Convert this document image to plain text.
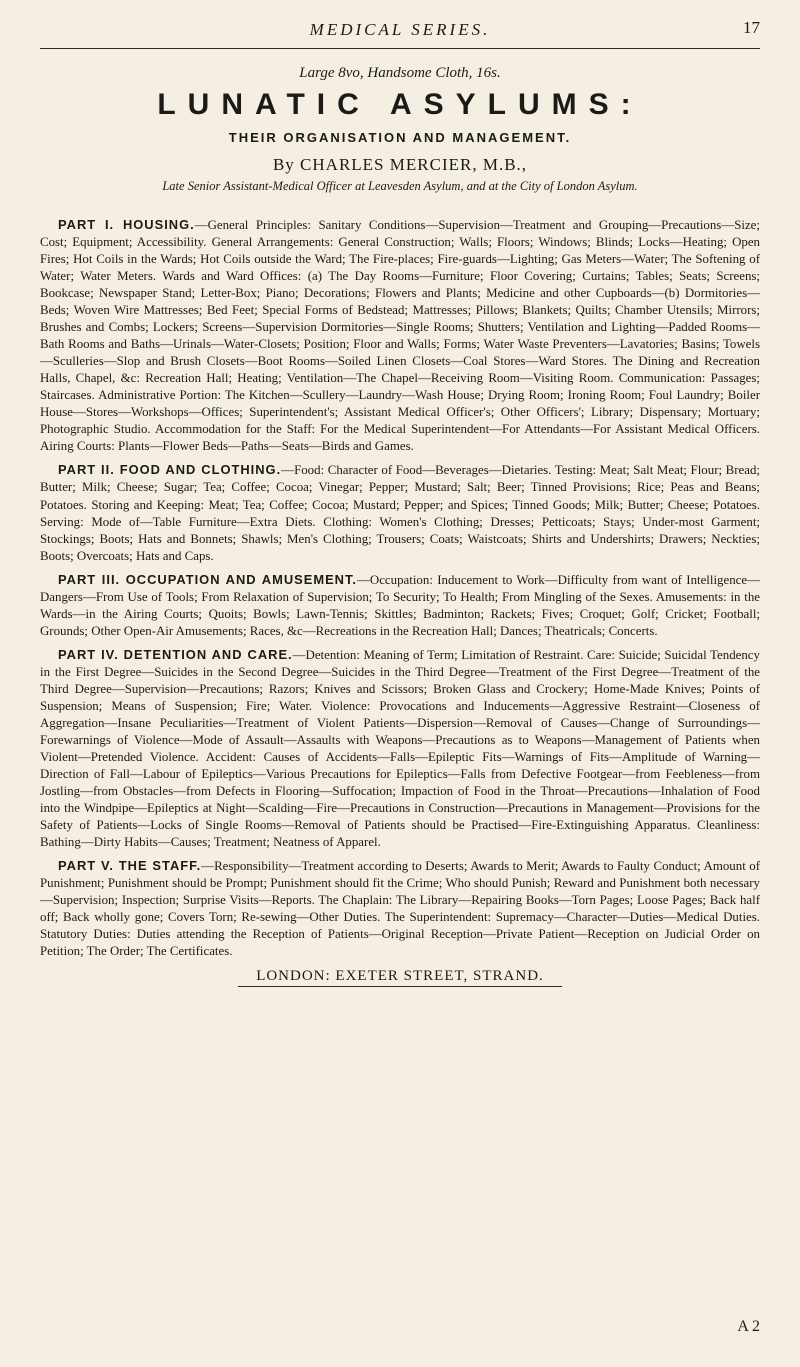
MEDICAL SERIES.	17
Large 8vo, Handsome Cloth, 16s.
LUNATIC ASYLUMS:
THEIR ORGANISATION AND MANAGEMENT.
By CHARLES MERCIER, M.B.,
Late Senior Assistant-Medical Officer at Leavesden Asylum, and at the City of London Asylum.

PART I. HOUSING.—General Principles: Sanitary Conditions—Supervision—Treatment and Grouping—Precautions—Size; Cost; Equipment; Accessibility. General Arrangements: General Construction; Walls; Floors; Windows; Blinds; Locks—Heating; Open Fires; Hot Coils in the Wards; Hot Coils outside the Ward; The Fire-places; Fire-guards—Lighting; Gas Meters—Water; The Softening of Water; Water Meters. Wards and Ward Offices: (a) The Day Rooms—Furniture; Floor Covering; Curtains; Tables; Seats; Screens; Bookcase; Newspaper Stand; Letter-Box; Piano; Decorations; Flowers and Plants; Medicine and other Cupboards—(b) Dormitories—Beds; Woven Wire Mattresses; Bed Feet; Special Forms of Bedstead; Mattresses; Pillows; Blankets; Quilts; Chamber Utensils; Mirrors; Brushes and Combs; Lockers; Screens—Supervision Dormitories—Single Rooms; Shutters; Ventilation and Lighting—Padded Rooms—Bath Rooms and Baths—Urinals—Water-Closets; Position; Floor and Walls; Forms; Water Waste Preventers—Lavatories; Basins; Towels—Sculleries—Slop and Brush Closets—Boot Rooms—Soiled Linen Closets—Coal Stores—Ward Stores. The Dining and Recreation Halls, Chapel, &c: Recreation Hall; Heating; Ventilation—The Chapel—Receiving Room—Visiting Room. Communication: Passages; Staircases. Administrative Portion: The Kitchen—Scullery—Laundry—Wash House; Drying Room; Ironing Room; Foul Laundry; Boiler House—Stores—Workshops—Offices; Superintendent's; Assistant Medical Officer's; Other Officers'; Library; Dispensary; Mortuary; Photographic Studio. Accommodation for the Staff: For the Medical Superintendent—For Attendants—For Assistant Medical Officers. Airing Courts: Plants—Flower Beds—Paths—Seats—Birds and Games.

PART II. FOOD AND CLOTHING.—Food: Character of Food—Beverages—Dietaries. Testing: Meat; Salt Meat; Flour; Bread; Butter; Milk; Cheese; Sugar; Tea; Coffee; Cocoa; Vinegar; Pepper; Mustard; Salt; Beer; Tinned Provisions; Rice; Peas and Beans; Potatoes. Storing and Keeping: Meat; Tea; Coffee; Cocoa; Mustard; Pepper; and Spices; Tinned Goods; Milk; Butter; Cheese; Potatoes. Serving: Mode of—Table Furniture—Extra Diets. Clothing: Women's Clothing; Dresses; Petticoats; Stays; Under-most Garment; Stockings; Boots; Hats and Bonnets; Shawls; Men's Clothing; Trousers; Coats; Waistcoats; Shirts and Undershirts; Drawers; Neckties; Boots; Overcoats; Hats and Caps.

PART III. OCCUPATION AND AMUSEMENT.—Occupation: Inducement to Work—Difficulty from want of Intelligence—Dangers—From Use of Tools; From Relaxation of Supervision; To Security; To Health; From Mingling of the Sexes. Amusements: in the Wards—in the Airing Courts; Quoits; Bowls; Lawn-Tennis; Skittles; Badminton; Rackets; Fives; Croquet; Golf; Cricket; Football; Grounds; Other Open-Air Amusements; Races, &c—Recreations in the Recreation Hall; Dances; Theatricals; Concerts.

PART IV. DETENTION AND CARE.—Detention: Meaning of Term; Limitation of Restraint. Care: Suicide; Suicidal Tendency in the First Degree—Suicides in the Second Degree—Suicides in the Third Degree—Treatment of the First Degree—Treatment of the Third Degree—Supervision—Precautions; Razors; Knives and Scissors; Broken Glass and Crockery; Home-Made Knives; Points of Suspension; Means of Suspension; Fire; Water. Violence: Provocations and Inducements—Aggressive Restraint—Closeness of Aggregation—Insane Peculiarities—Treatment of Violent Patients—Dispersion—Removal of Causes—Change of Surroundings—Forewarnings of Violence—Mode of Assault—Assaults with Weapons—Precautions as to Weapons—Management of Patients when Violent—Pretended Violence. Accident: Causes of Accidents—Falls—Epileptic Fits—Warnings of Fits—Amplitude of Warning—Direction of Fall—Labour of Epileptics—Various Precautions for Epileptics—Falls from Defective Footgear—from Feebleness—from Jostling—from Obstacles—from Defects in Flooring—Suffocation; Impaction of Food in the Throat—Precautions—Inhalation of Food into the Windpipe—Epileptics at Night—Scalding—Fire—Precautions in Construction—Precautions in Management—Provisions for the Safety of Patients—Locks of Single Rooms—Removal of Patients should be Practised—Fire-Extinguishing Apparatus. Cleanliness: Bathing—Dirty Habits—Causes; Treatment; Neatness of Apparel.

PART V. THE STAFF.—Responsibility—Treatment according to Deserts; Awards to Merit; Awards to Faulty Conduct; Amount of Punishment; Punishment should be Prompt; Punishment should fit the Crime; Who should Punish; Reward and Punishment both necessary—Supervision; Inspection; Surprise Visits—Reports. The Chaplain: The Library—Repairing Books—Torn Pages; Loose Pages; Back half off; Back wholly gone; Covers Torn; Re-sewing—Other Duties. The Superintendent: Supremacy—Character—Duties—Medical Duties. Statutory Duties: Duties attending the Reception of Patients—Original Reception—Private Patient—Reception on Judicial Order on Petition; The Order; The Certificates.

LONDON: EXETER STREET, STRAND.
A 2
